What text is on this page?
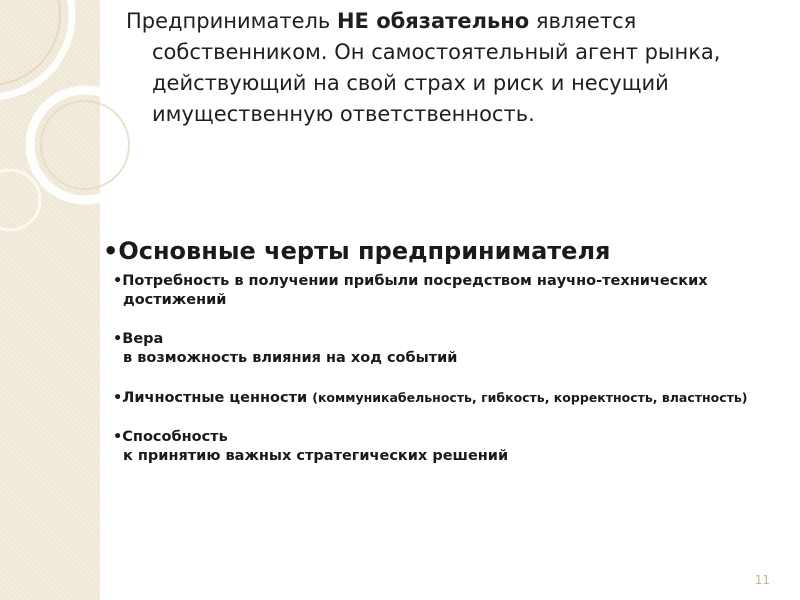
Предприниматель НЕ обязательно является
собственником. Он самостоятельный агент рынка,
действующий на свой страх и риск и несущий
имущественную ответственность.
•Основные черты предпринимателя
•Потребность в получении прибыли посредством научно-технических
достижений
•Вера
в возможность влияния на ход событий
•Личностные ценности (коммуникабельность, гибкость, корректность, властность)
•Способность
к принятию важных стратегических решений
11
